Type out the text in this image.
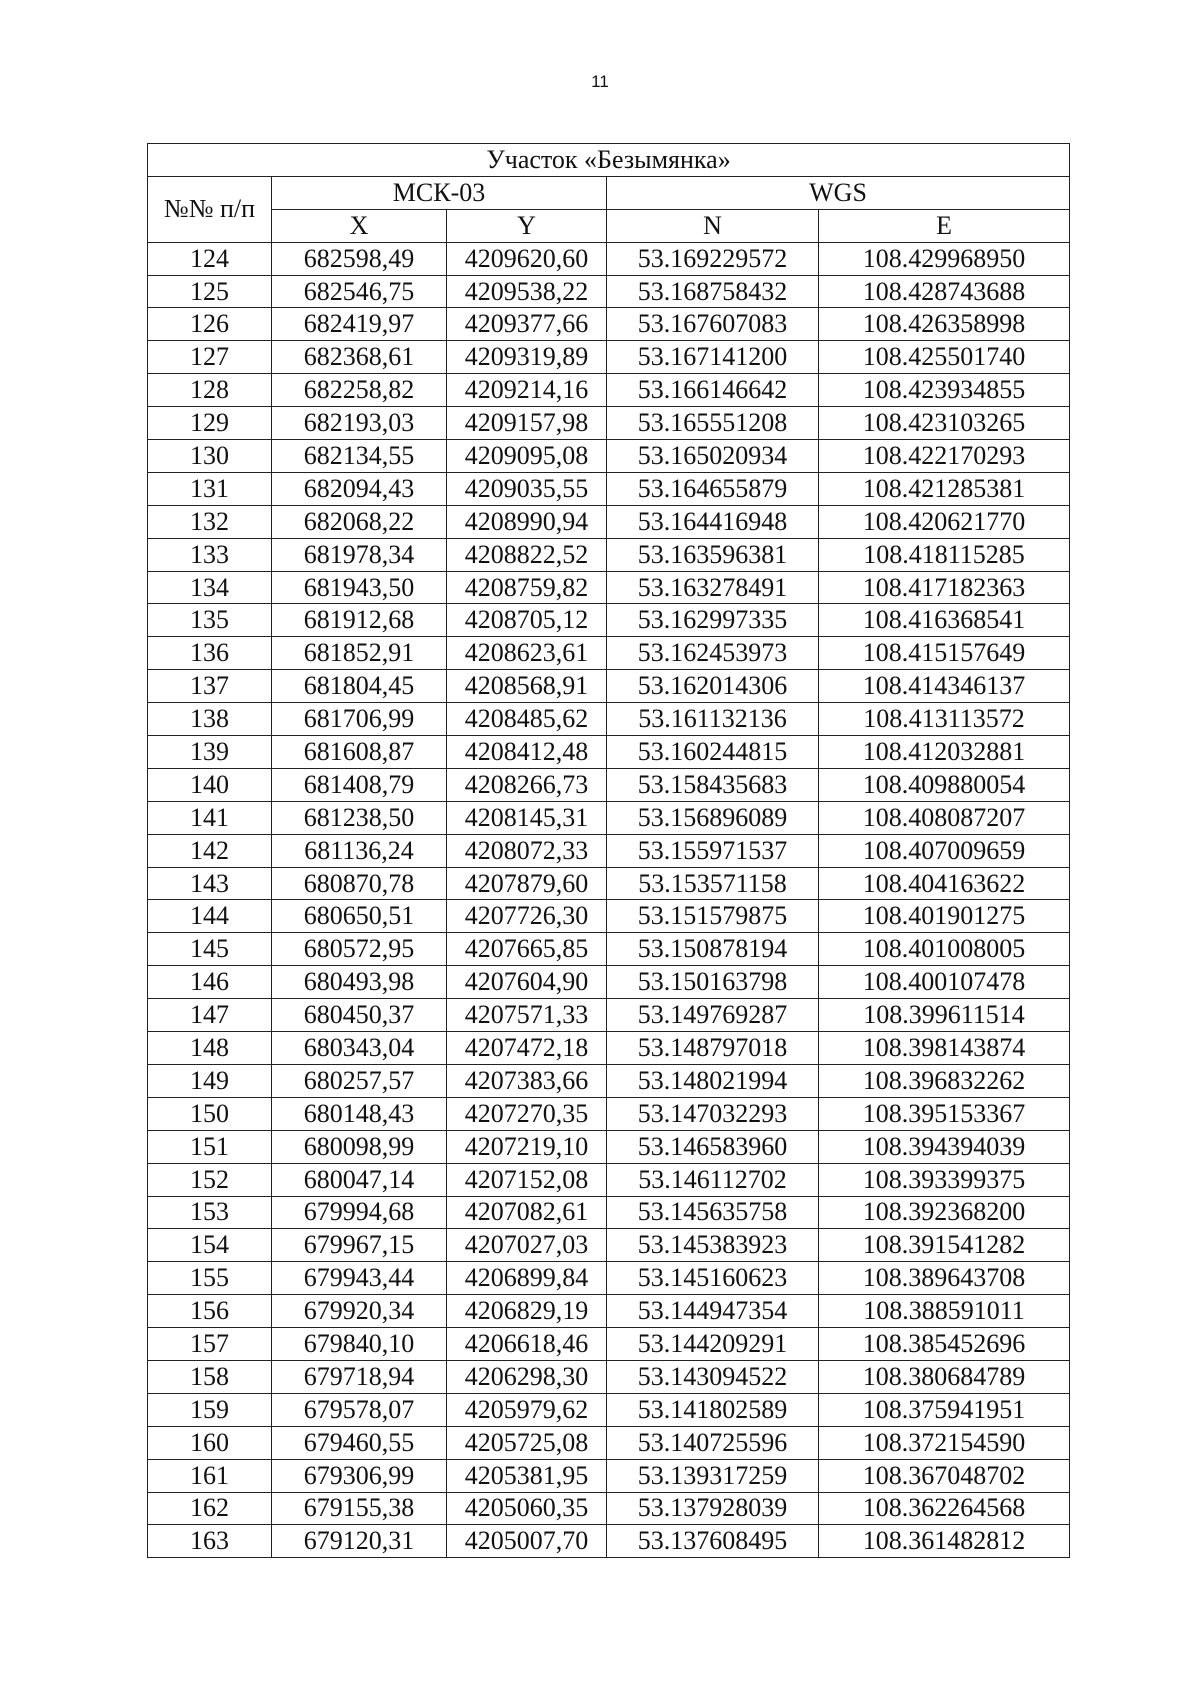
11
Участок «Безымянка»				
№№ п/п	МСК-03		WGS	
	X	Y	N	E
124	682598,49	4209620,60	53.169229572	108.429968950
125	682546,75	4209538,22	53.168758432	108.428743688
126	682419,97	4209377,66	53.167607083	108.426358998
127	682368,61	4209319,89	53.167141200	108.425501740
128	682258,82	4209214,16	53.166146642	108.423934855
129	682193,03	4209157,98	53.165551208	108.423103265
130	682134,55	4209095,08	53.165020934	108.422170293
131	682094,43	4209035,55	53.164655879	108.421285381
132	682068,22	4208990,94	53.164416948	108.420621770
133	681978,34	4208822,52	53.163596381	108.418115285
134	681943,50	4208759,82	53.163278491	108.417182363
135	681912,68	4208705,12	53.162997335	108.416368541
136	681852,91	4208623,61	53.162453973	108.415157649
137	681804,45	4208568,91	53.162014306	108.414346137
138	681706,99	4208485,62	53.161132136	108.413113572
139	681608,87	4208412,48	53.160244815	108.412032881
140	681408,79	4208266,73	53.158435683	108.409880054
141	681238,50	4208145,31	53.156896089	108.408087207
142	681136,24	4208072,33	53.155971537	108.407009659
143	680870,78	4207879,60	53.153571158	108.404163622
144	680650,51	4207726,30	53.151579875	108.401901275
145	680572,95	4207665,85	53.150878194	108.401008005
146	680493,98	4207604,90	53.150163798	108.400107478
147	680450,37	4207571,33	53.149769287	108.399611514
148	680343,04	4207472,18	53.148797018	108.398143874
149	680257,57	4207383,66	53.148021994	108.396832262
150	680148,43	4207270,35	53.147032293	108.395153367
151	680098,99	4207219,10	53.146583960	108.394394039
152	680047,14	4207152,08	53.146112702	108.393399375
153	679994,68	4207082,61	53.145635758	108.392368200
154	679967,15	4207027,03	53.145383923	108.391541282
155	679943,44	4206899,84	53.145160623	108.389643708
156	679920,34	4206829,19	53.144947354	108.388591011
157	679840,10	4206618,46	53.144209291	108.385452696
158	679718,94	4206298,30	53.143094522	108.380684789
159	679578,07	4205979,62	53.141802589	108.375941951
160	679460,55	4205725,08	53.140725596	108.372154590
161	679306,99	4205381,95	53.139317259	108.367048702
162	679155,38	4205060,35	53.137928039	108.362264568
163	679120,31	4205007,70	53.137608495	108.361482812
